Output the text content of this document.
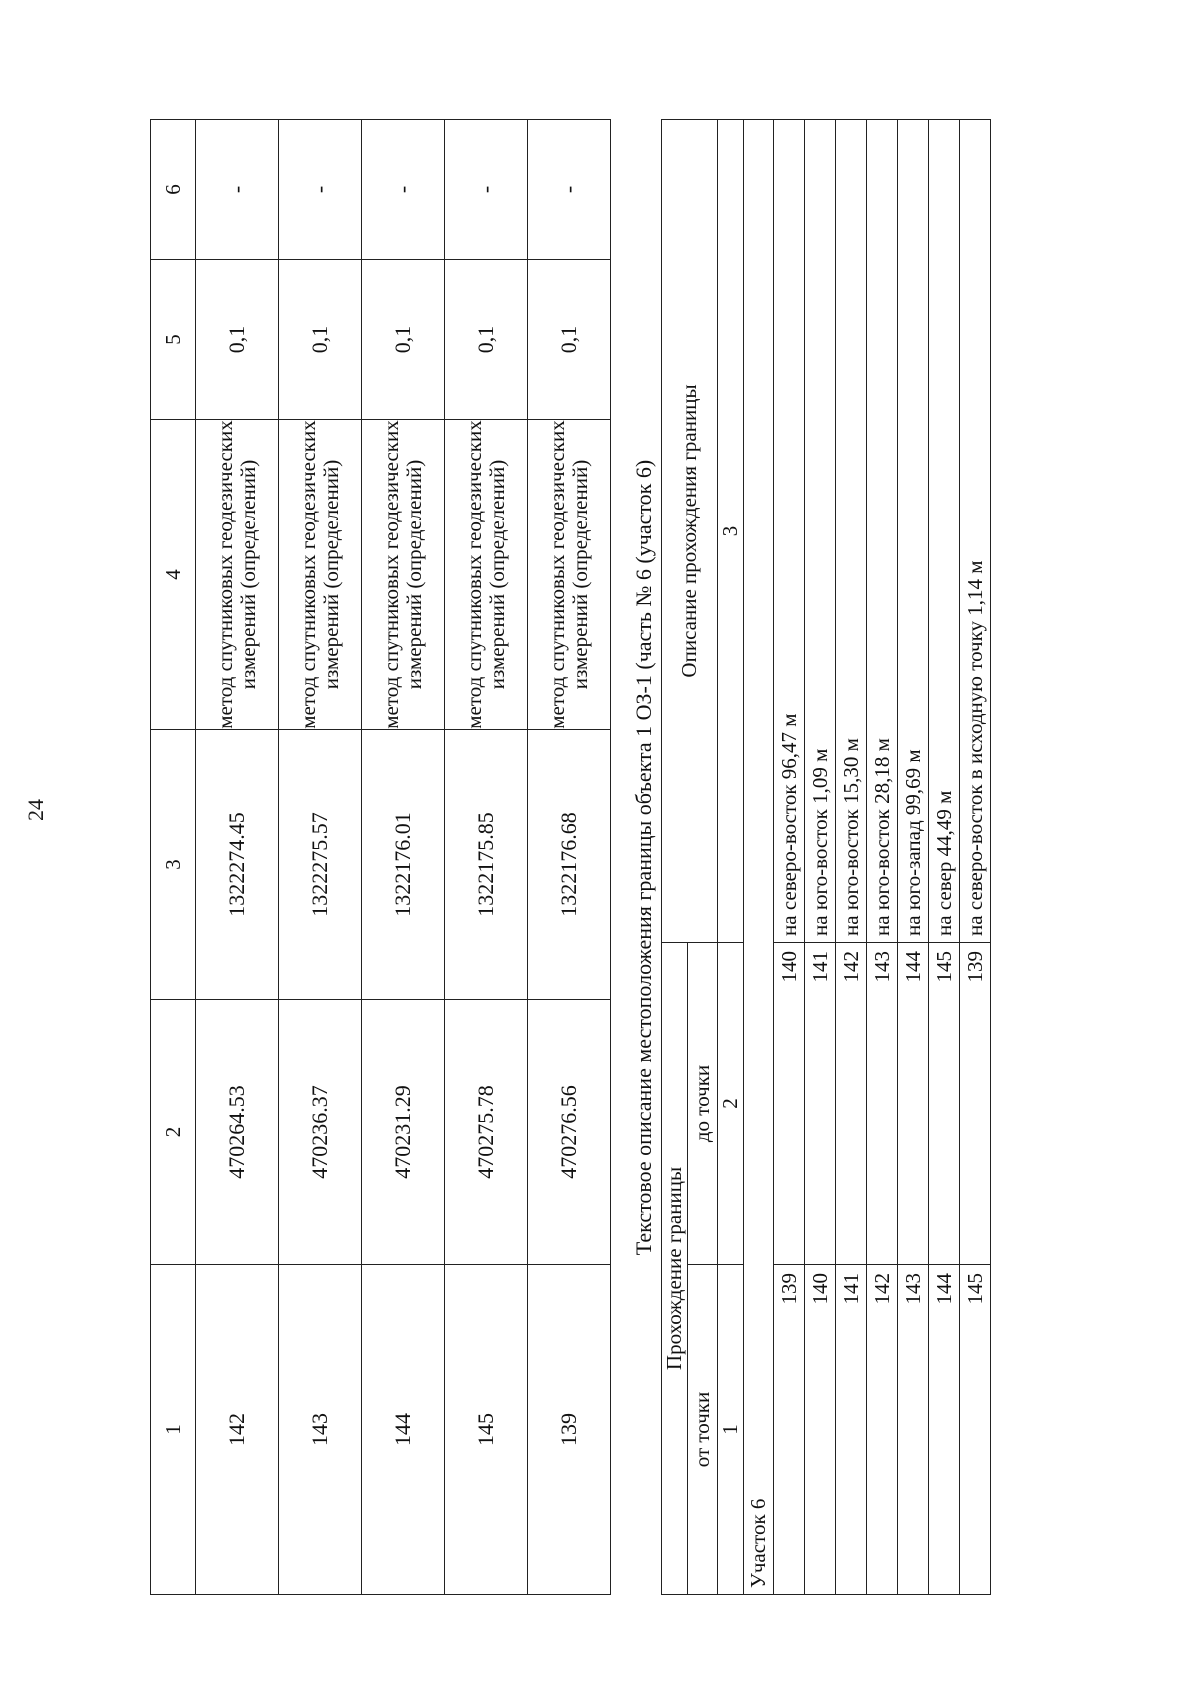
24
1	2	3	4	5	6
142	470264.53	1322274.45	метод спутниковых геодезических измерений (определений)	0,1	-
143	470236.37	1322275.57	метод спутниковых геодезических измерений (определений)	0,1	-
144	470231.29	1322176.01	метод спутниковых геодезических измерений (определений)	0,1	-
145	470275.78	1322175.85	метод спутниковых геодезических измерений (определений)	0,1	-
139	470276.56	1322176.68	метод спутниковых геодезических измерений (определений)	0,1	-
Текстовое описание местоположения границы объекта 1 ОЗ-1 (часть № 6 (участок 6)
Прохождение границы		Описание прохождения границы
от точки	до точки	
1	2	3
Участок 6		
139	140	на северо-восток 96,47 м
140	141	на юго-восток 1,09 м
141	142	на юго-восток 15,30 м
142	143	на юго-восток 28,18 м
143	144	на юго-запад 99,69 м
144	145	на север 44,49 м
145	139	на северо-восток в исходную точку 1,14 м
